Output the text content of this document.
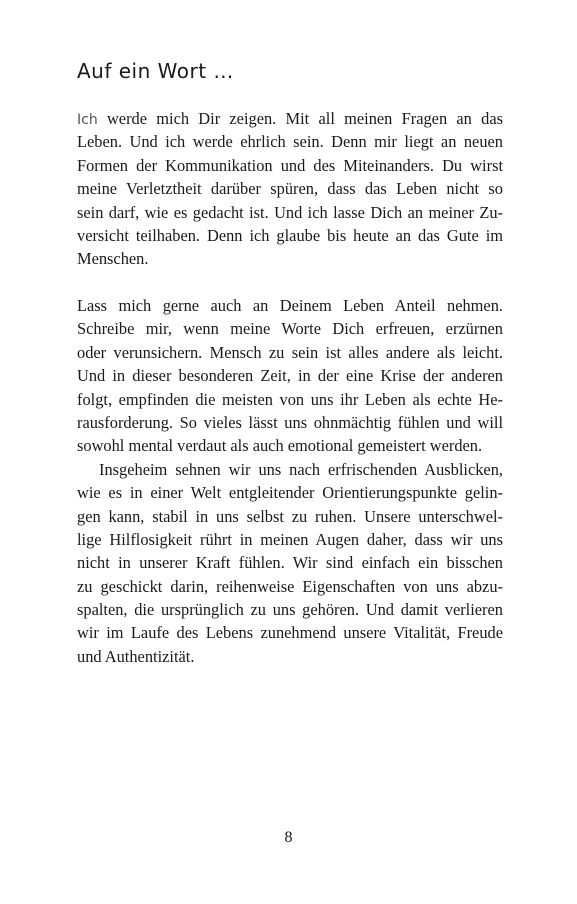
Auf ein Wort …
Ich werde mich Dir zeigen. Mit all meinen Fragen an das
Leben. Und ich werde ehrlich sein. Denn mir liegt an neuen
Formen der Kommunikation und des Miteinanders. Du wirst
meine Verletztheit darüber spüren, dass das Leben nicht so
sein darf, wie es gedacht ist. Und ich lasse Dich an meiner Zu-
versicht teilhaben. Denn ich glaube bis heute an das Gute im
Menschen.
Lass mich gerne auch an Deinem Leben Anteil nehmen.
Schreibe mir, wenn meine Worte Dich erfreuen, erzürnen
oder verunsichern. Mensch zu sein ist alles andere als leicht.
Und in dieser besonderen Zeit, in der eine Krise der anderen
folgt, empfinden die meisten von uns ihr Leben als echte He-
rausforderung. So vieles lässt uns ohnmächtig fühlen und will
sowohl mental verdaut als auch emotional gemeistert werden.
Insgeheim sehnen wir uns nach erfrischenden Ausblicken,
wie es in einer Welt entgleitender Orientierungspunkte gelin-
gen kann, stabil in uns selbst zu ruhen. Unsere unterschwel-
lige Hilflosigkeit rührt in meinen Augen daher, dass wir uns
nicht in unserer Kraft fühlen. Wir sind einfach ein bisschen
zu geschickt darin, reihenweise Eigenschaften von uns abzu-
spalten, die ursprünglich zu uns gehören. Und damit verlieren
wir im Laufe des Lebens zunehmend unsere Vitalität, Freude
und Authentizität.
8
